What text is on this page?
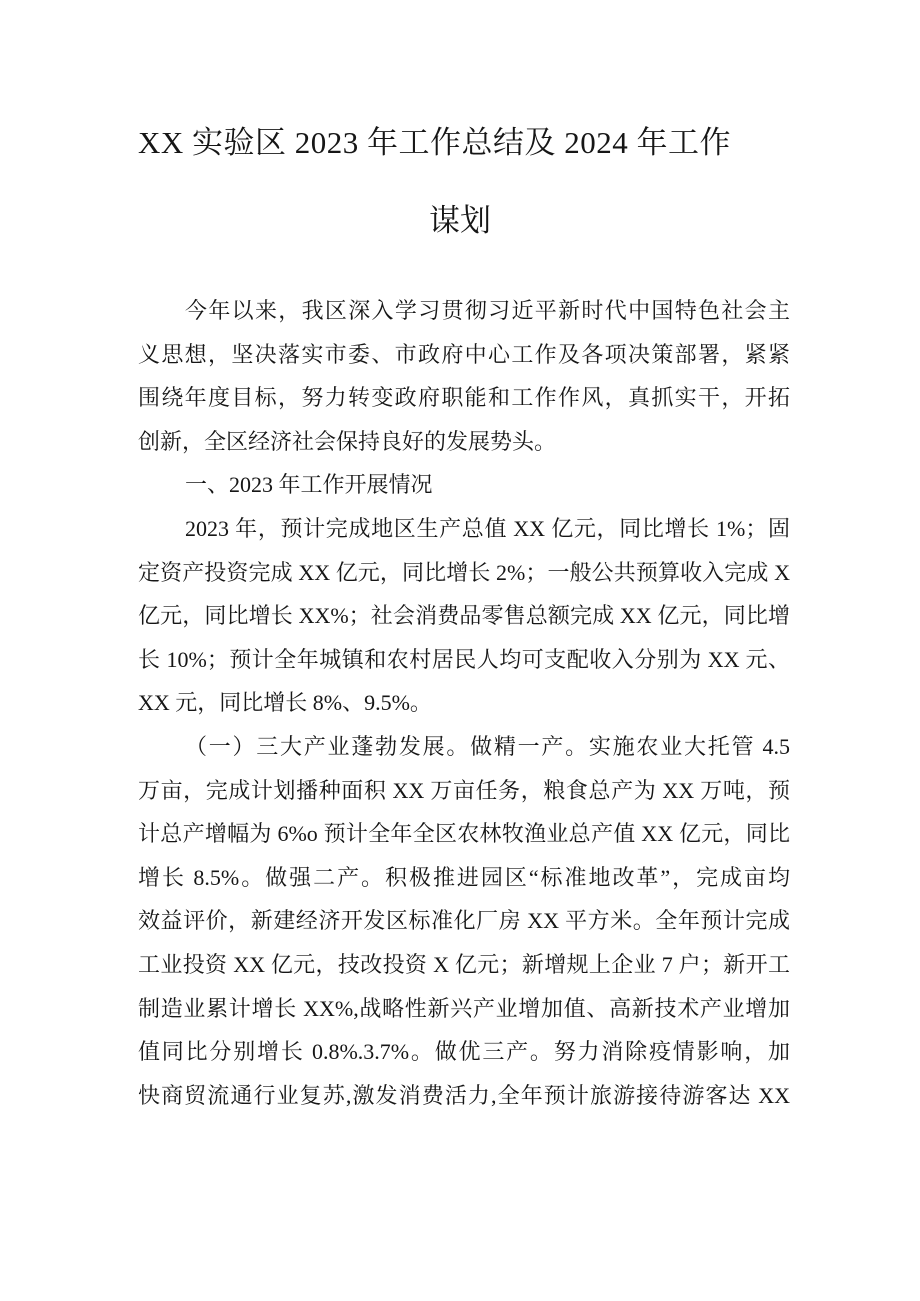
XX 实验区 2023 年工作总结及 2024 年工作
谋划
今年以来，我区深入学习贯彻习近平新时代中国特色社会主
义思想，坚决落实市委、市政府中心工作及各项决策部署，紧紧
围绕年度目标，努力转变政府职能和工作作风，真抓实干，开拓
创新，全区经济社会保持良好的发展势头。
一、2023 年工作开展情况
2023 年，预计完成地区生产总值 XX 亿元，同比增长 1%；固
定资产投资完成 XX 亿元，同比增长 2%；一般公共预算收入完成 X
亿元，同比增长 XX%；社会消费品零售总额完成 XX 亿元，同比增
长 10%；预计全年城镇和农村居民人均可支配收入分别为 XX 元、
XX 元，同比增长 8%、9.5%。
（一）三大产业蓬勃发展。做精一产。实施农业大托管 4.5
万亩，完成计划播种面积 XX 万亩任务，粮食总产为 XX 万吨，预
计总产增幅为 6%o 预计全年全区农林牧渔业总产值 XX 亿元，同比
增长 8.5%。做强二产。积极推进园区“标准地改革”，完成亩均
效益评价，新建经济开发区标准化厂房 XX 平方米。全年预计完成
工业投资 XX 亿元，技改投资 X 亿元；新增规上企业 7 户；新开工
制造业累计增长 XX%,战略性新兴产业增加值、高新技术产业增加
值同比分别增长 0.8%.3.7%。做优三产。努力消除疫情影响，加
快商贸流通行业复苏,激发消费活力,全年预计旅游接待游客达 XX
